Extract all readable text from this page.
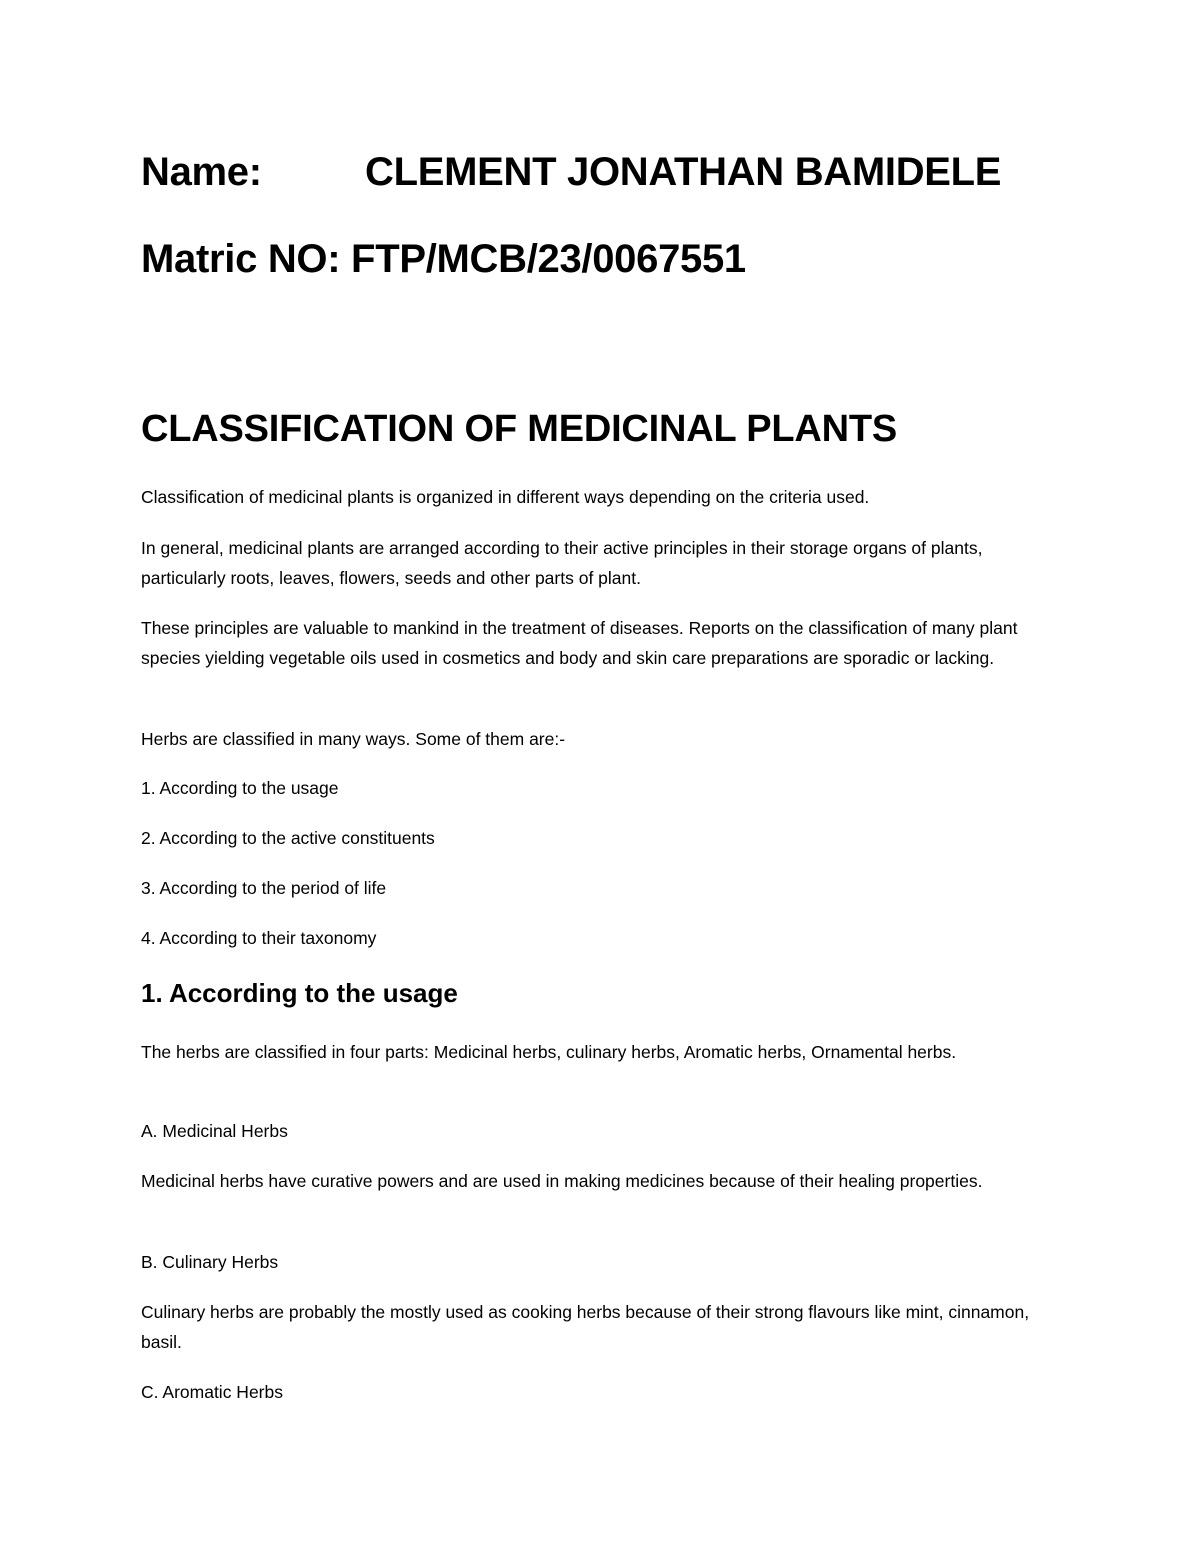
Name:	CLEMENT JONATHAN BAMIDELE

Matric NO: FTP/MCB/23/0067551

CLASSIFICATION OF MEDICINAL PLANTS

Classification of medicinal plants is organized in different ways depending on the criteria used.

In general, medicinal plants are arranged according to their active principles in their storage organs of plants, particularly roots, leaves, flowers, seeds and other parts of plant.

These principles are valuable to mankind in the treatment of diseases. Reports on the classification of many plant species yielding vegetable oils used in cosmetics and body and skin care preparations are sporadic or lacking.

Herbs are classified in many ways. Some of them are:-

1. According to the usage

2. According to the active constituents

3. According to the period of life

4. According to their taxonomy

1. According to the usage

The herbs are classified in four parts: Medicinal herbs, culinary herbs, Aromatic herbs, Ornamental herbs.

A. Medicinal Herbs

Medicinal herbs have curative powers and are used in making medicines because of their healing properties.

B. Culinary Herbs

Culinary herbs are probably the mostly used as cooking herbs because of their strong flavours like mint, cinnamon, basil.

C. Aromatic Herbs
